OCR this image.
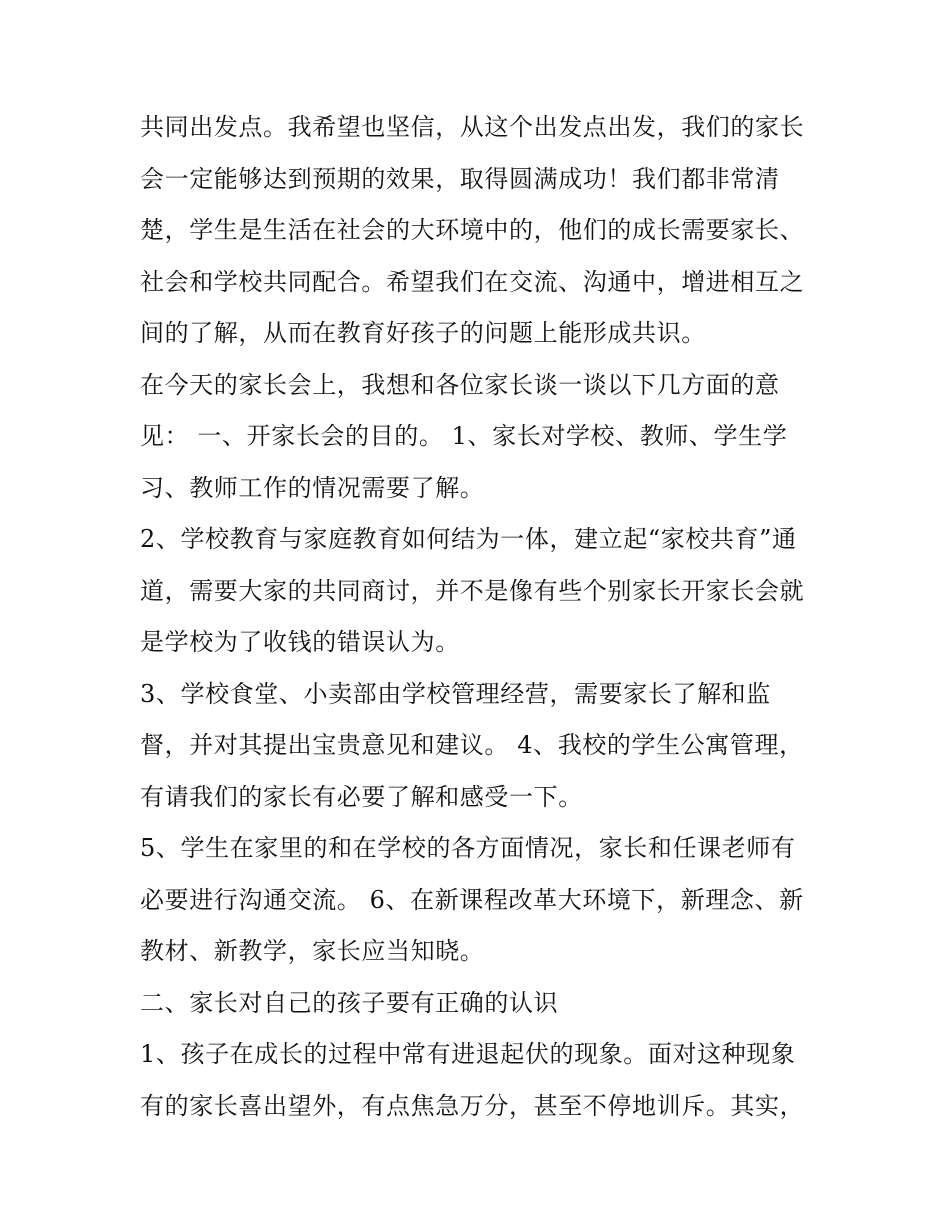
共同出发点。我希望也坚信，从这个出发点出发，我们的家长
会一定能够达到预期的效果，取得圆满成功！我们都非常清
楚，学生是生活在社会的大环境中的，他们的成长需要家长、
社会和学校共同配合。希望我们在交流、沟通中，增进相互之
间的了解，从而在教育好孩子的问题上能形成共识。
在今天的家长会上，我想和各位家长谈一谈以下几方面的意
见： 一、开家长会的目的。 1、家长对学校、教师、学生学
习、教师工作的情况需要了解。
2、学校教育与家庭教育如何结为一体，建立起“家校共育”通
道，需要大家的共同商讨，并不是像有些个别家长开家长会就
是学校为了收钱的错误认为。
3、学校食堂、小卖部由学校管理经营，需要家长了解和监
督，并对其提出宝贵意见和建议。 4、我校的学生公寓管理，
有请我们的家长有必要了解和感受一下。
5、学生在家里的和在学校的各方面情况，家长和任课老师有
必要进行沟通交流。 6、在新课程改革大环境下，新理念、新
教材、新教学，家长应当知晓。
二、家长对自己的孩子要有正确的认识
1、孩子在成长的过程中常有进退起伏的现象。面对这种现象
有的家长喜出望外，有点焦急万分，甚至不停地训斥。其实，
